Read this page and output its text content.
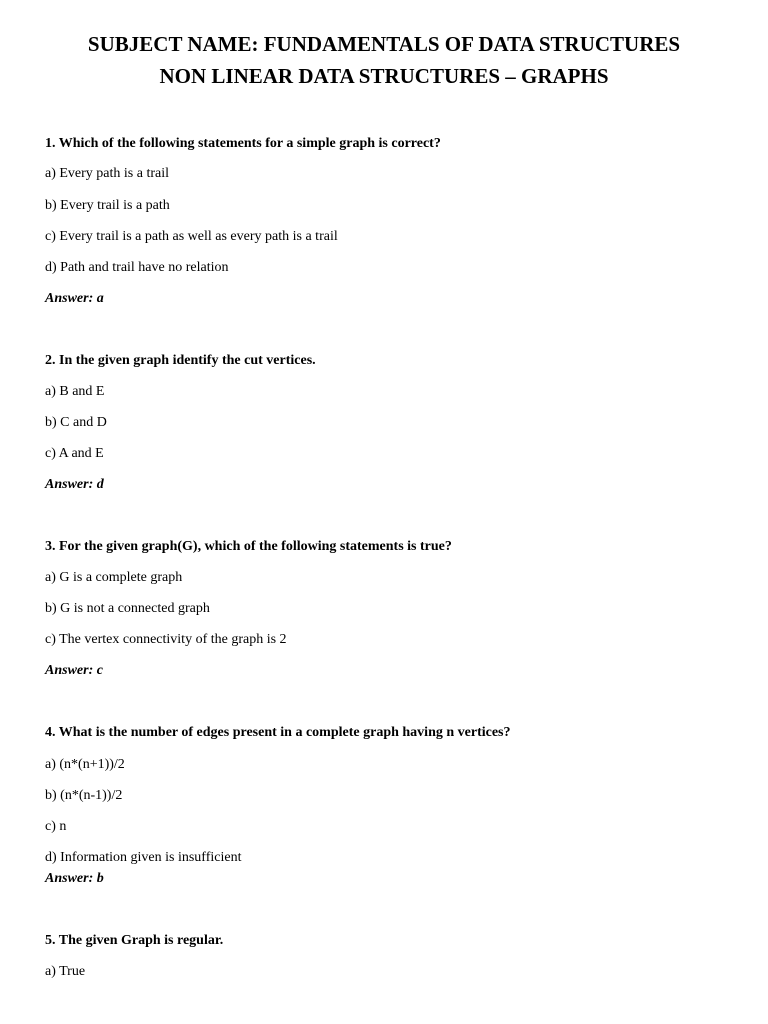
SUBJECT NAME: FUNDAMENTALS OF DATA STRUCTURES
NON LINEAR DATA STRUCTURES – GRAPHS
1. Which of the following statements for a simple graph is correct?
a) Every path is a trail
b) Every trail is a path
c) Every trail is a path as well as every path is a trail
d) Path and trail have no relation
Answer: a
2. In the given graph identify the cut vertices.
a) B and E
b) C and D
c) A and E
Answer: d
3. For the given graph(G), which of the following statements is true?
a) G is a complete graph
b) G is not a connected graph
c) The vertex connectivity of the graph is 2
Answer: c
4. What is the number of edges present in a complete graph having n vertices?
a) (n*(n+1))/2
b) (n*(n-1))/2
c) n
d) Information given is insufficient
Answer: b
5. The given Graph is regular.
a) True
